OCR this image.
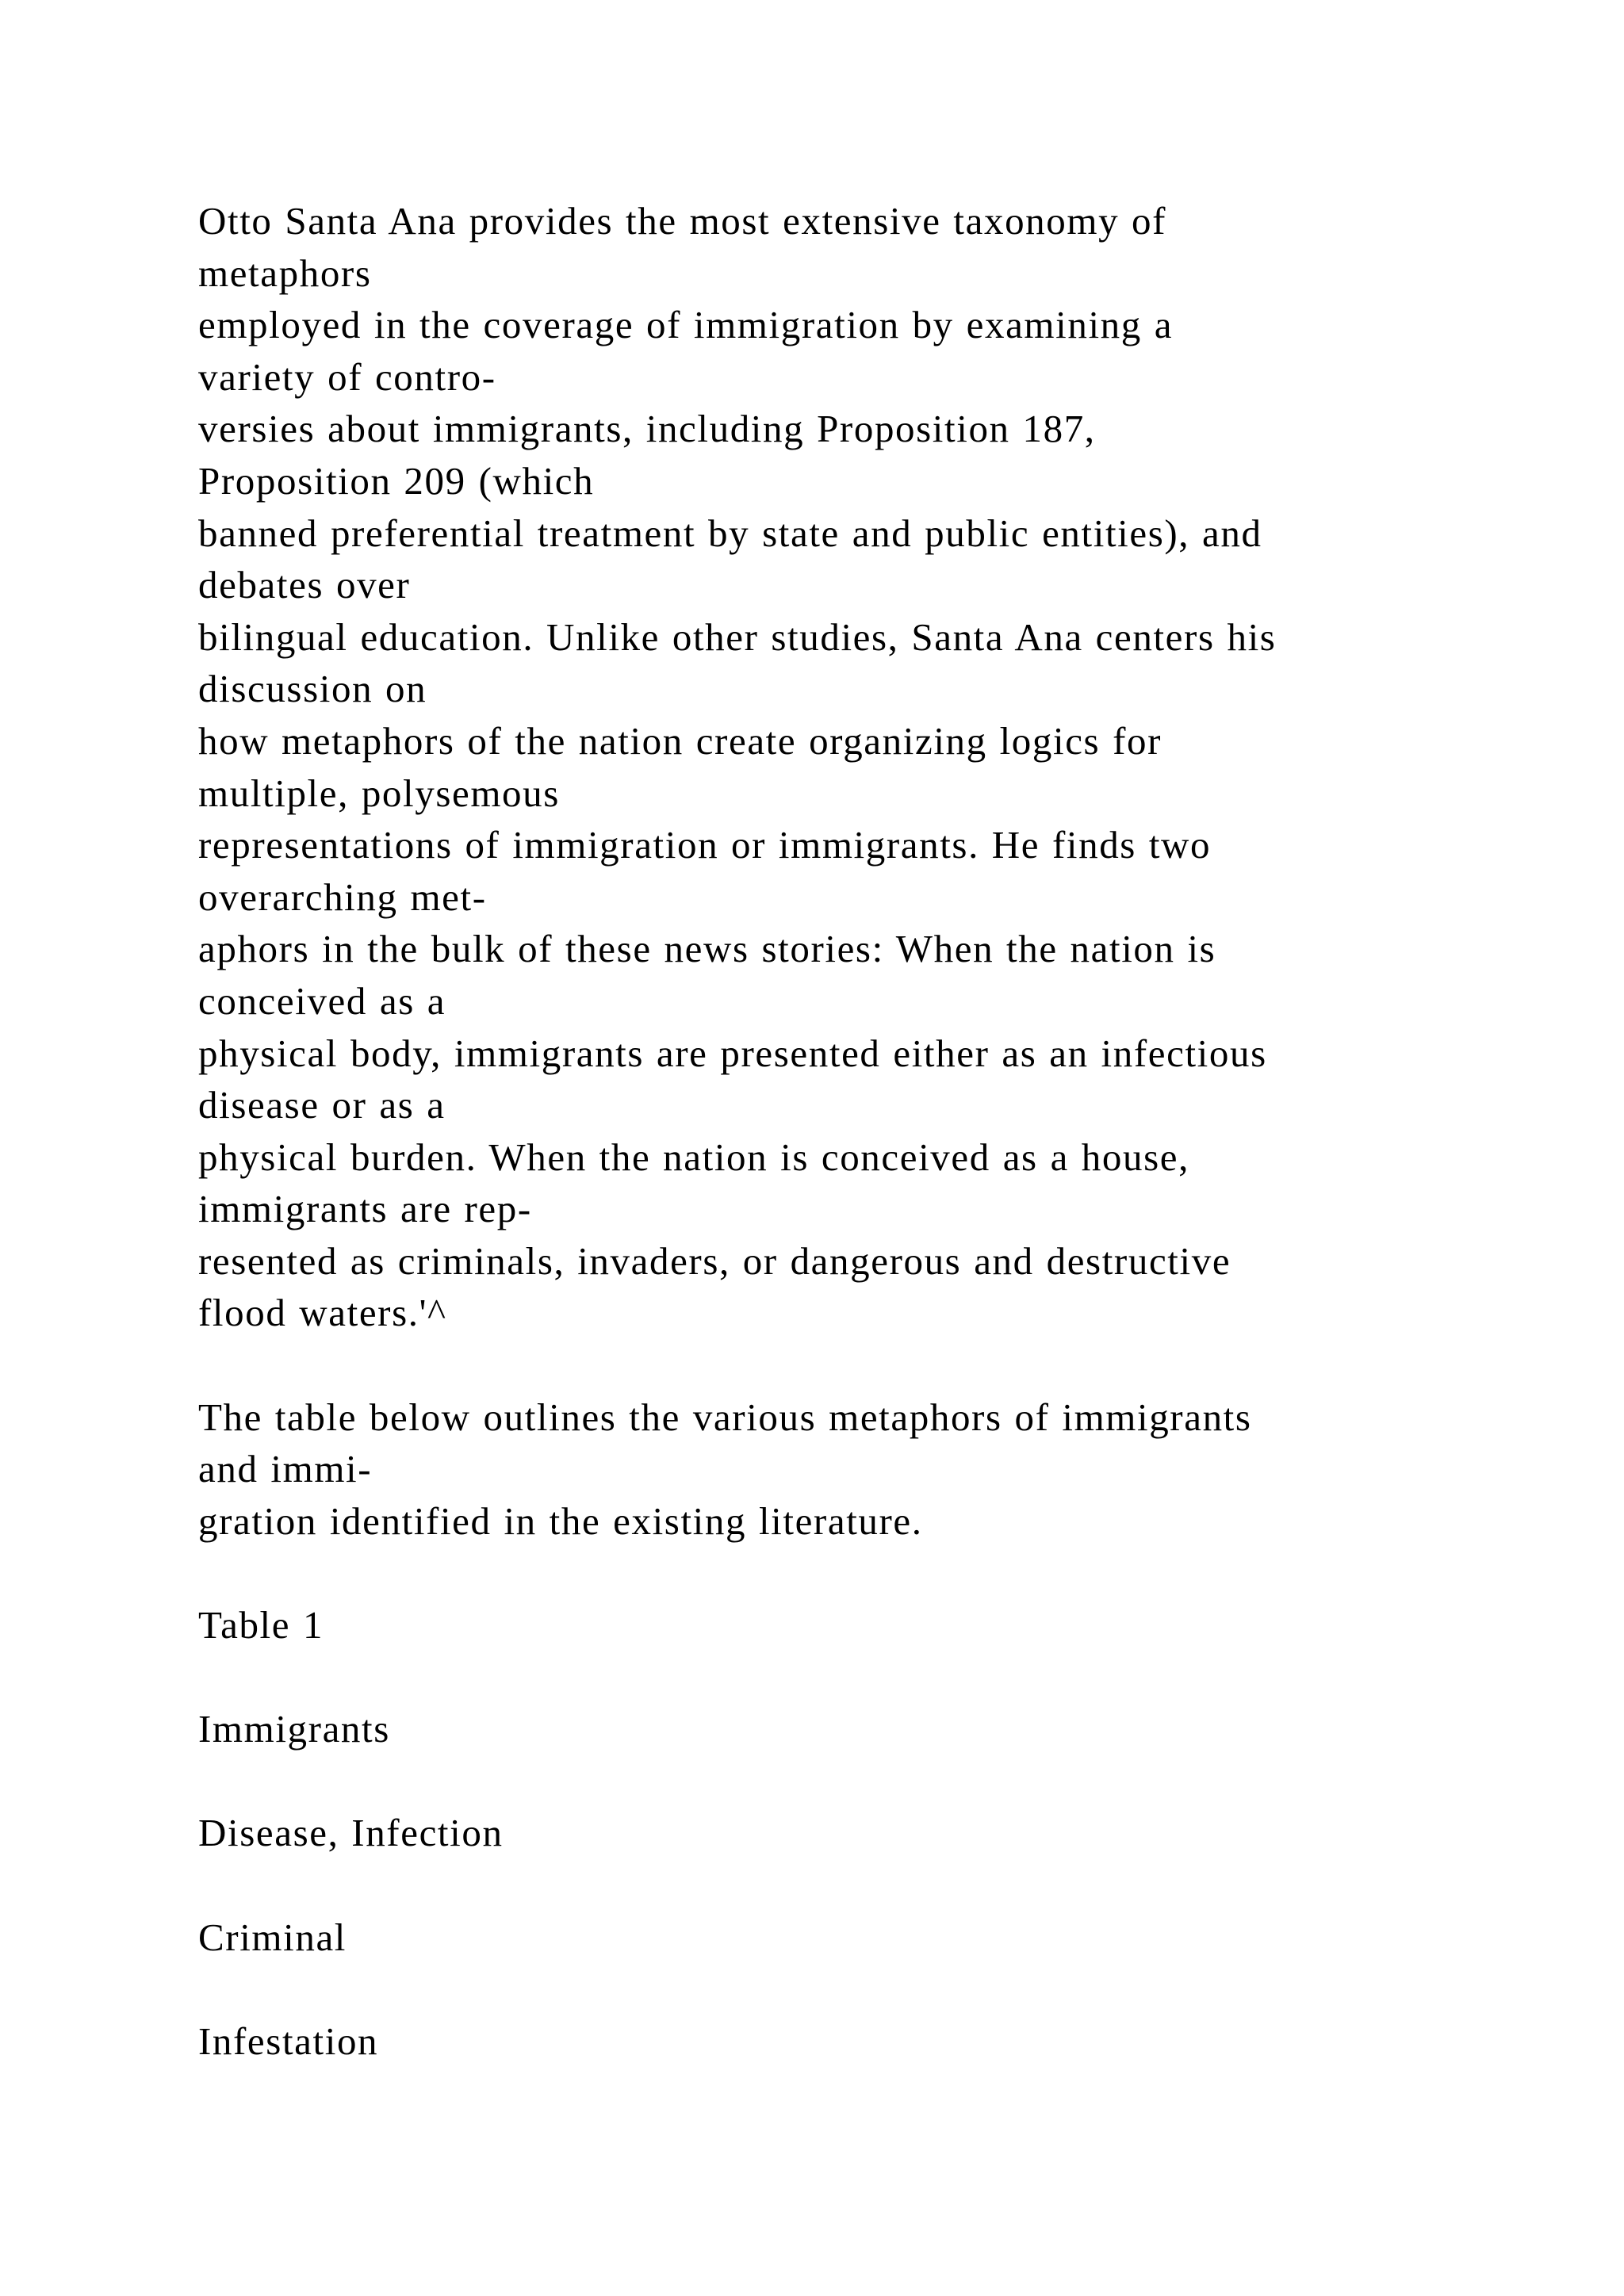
Otto Santa Ana provides the most extensive taxonomy of
metaphors
employed in the coverage of immigration by examining a
variety of contro-
versies about immigrants, including Proposition 187,
Proposition 209 (which
banned preferential treatment by state and public entities), and
debates over
bilingual education. Unlike other studies, Santa Ana centers his
discussion on
how metaphors of the nation create organizing logics for
multiple, polysemous
representations of immigration or immigrants. He finds two
overarching met-
aphors in the bulk of these news stories: When the nation is
conceived as a
physical body, immigrants are presented either as an infectious
disease or as a
physical burden. When the nation is conceived as a house,
immigrants are rep-
resented as criminals, invaders, or dangerous and destructive
flood waters.'^
The table below outlines the various metaphors of immigrants
and immi-
gration identified in the existing literature.
Table 1
Immigrants
Disease, Infection
Criminal
Infestation
